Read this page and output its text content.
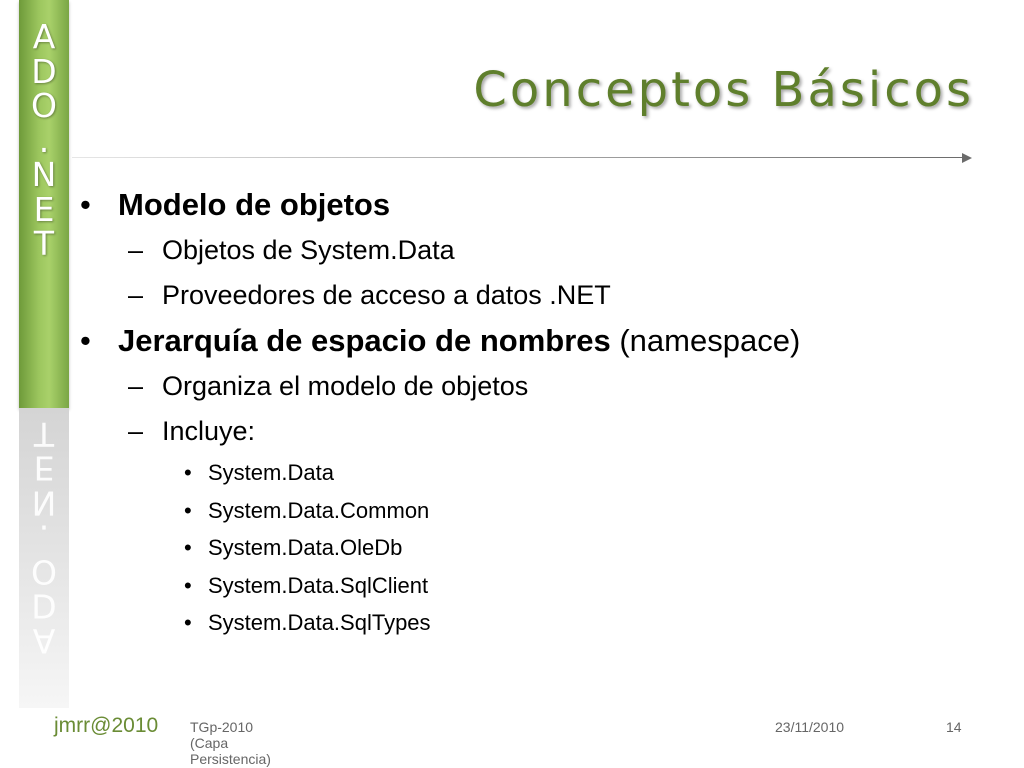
A
D
O
.
N
E
T
A
D
O
.
N
E
T
Conceptos Básicos
• Modelo de objetos
– Objetos de System.Data
– Proveedores de acceso a datos .NET
• Jerarquía de espacio de nombres (namespace)
– Organiza el modelo de objetos
– Incluye:
• System.Data
• System.Data.Common
• System.Data.OleDb
• System.Data.SqlClient
• System.Data.SqlTypes
jmrr@2010 TGp-2010 (Capa Persistencia)
23/11/2010	14
